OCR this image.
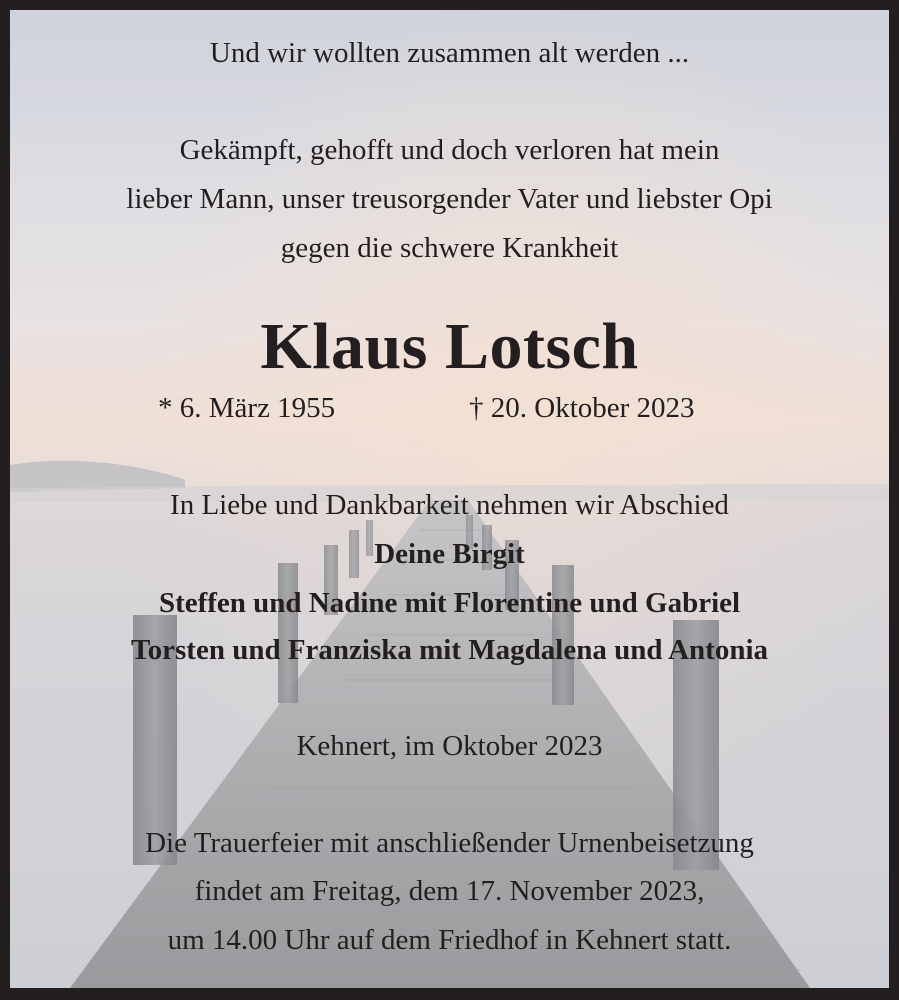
Und wir wollten zusammen alt werden ...
Gekämpft, gehofft und doch verloren hat mein
lieber Mann, unser treusorgender Vater und liebster Opi
gegen die schwere Krankheit
Klaus Lotsch
* 6. März 1955	† 20. Oktober 2023
In Liebe und Dankbarkeit nehmen wir Abschied
Deine Birgit
Steffen und Nadine mit Florentine und Gabriel
Torsten und Franziska mit Magdalena und Antonia
Kehnert, im Oktober 2023
Die Trauerfeier mit anschließender Urnenbeisetzung
findet am Freitag, dem 17. November 2023,
um 14.00 Uhr auf dem Friedhof in Kehnert statt.
